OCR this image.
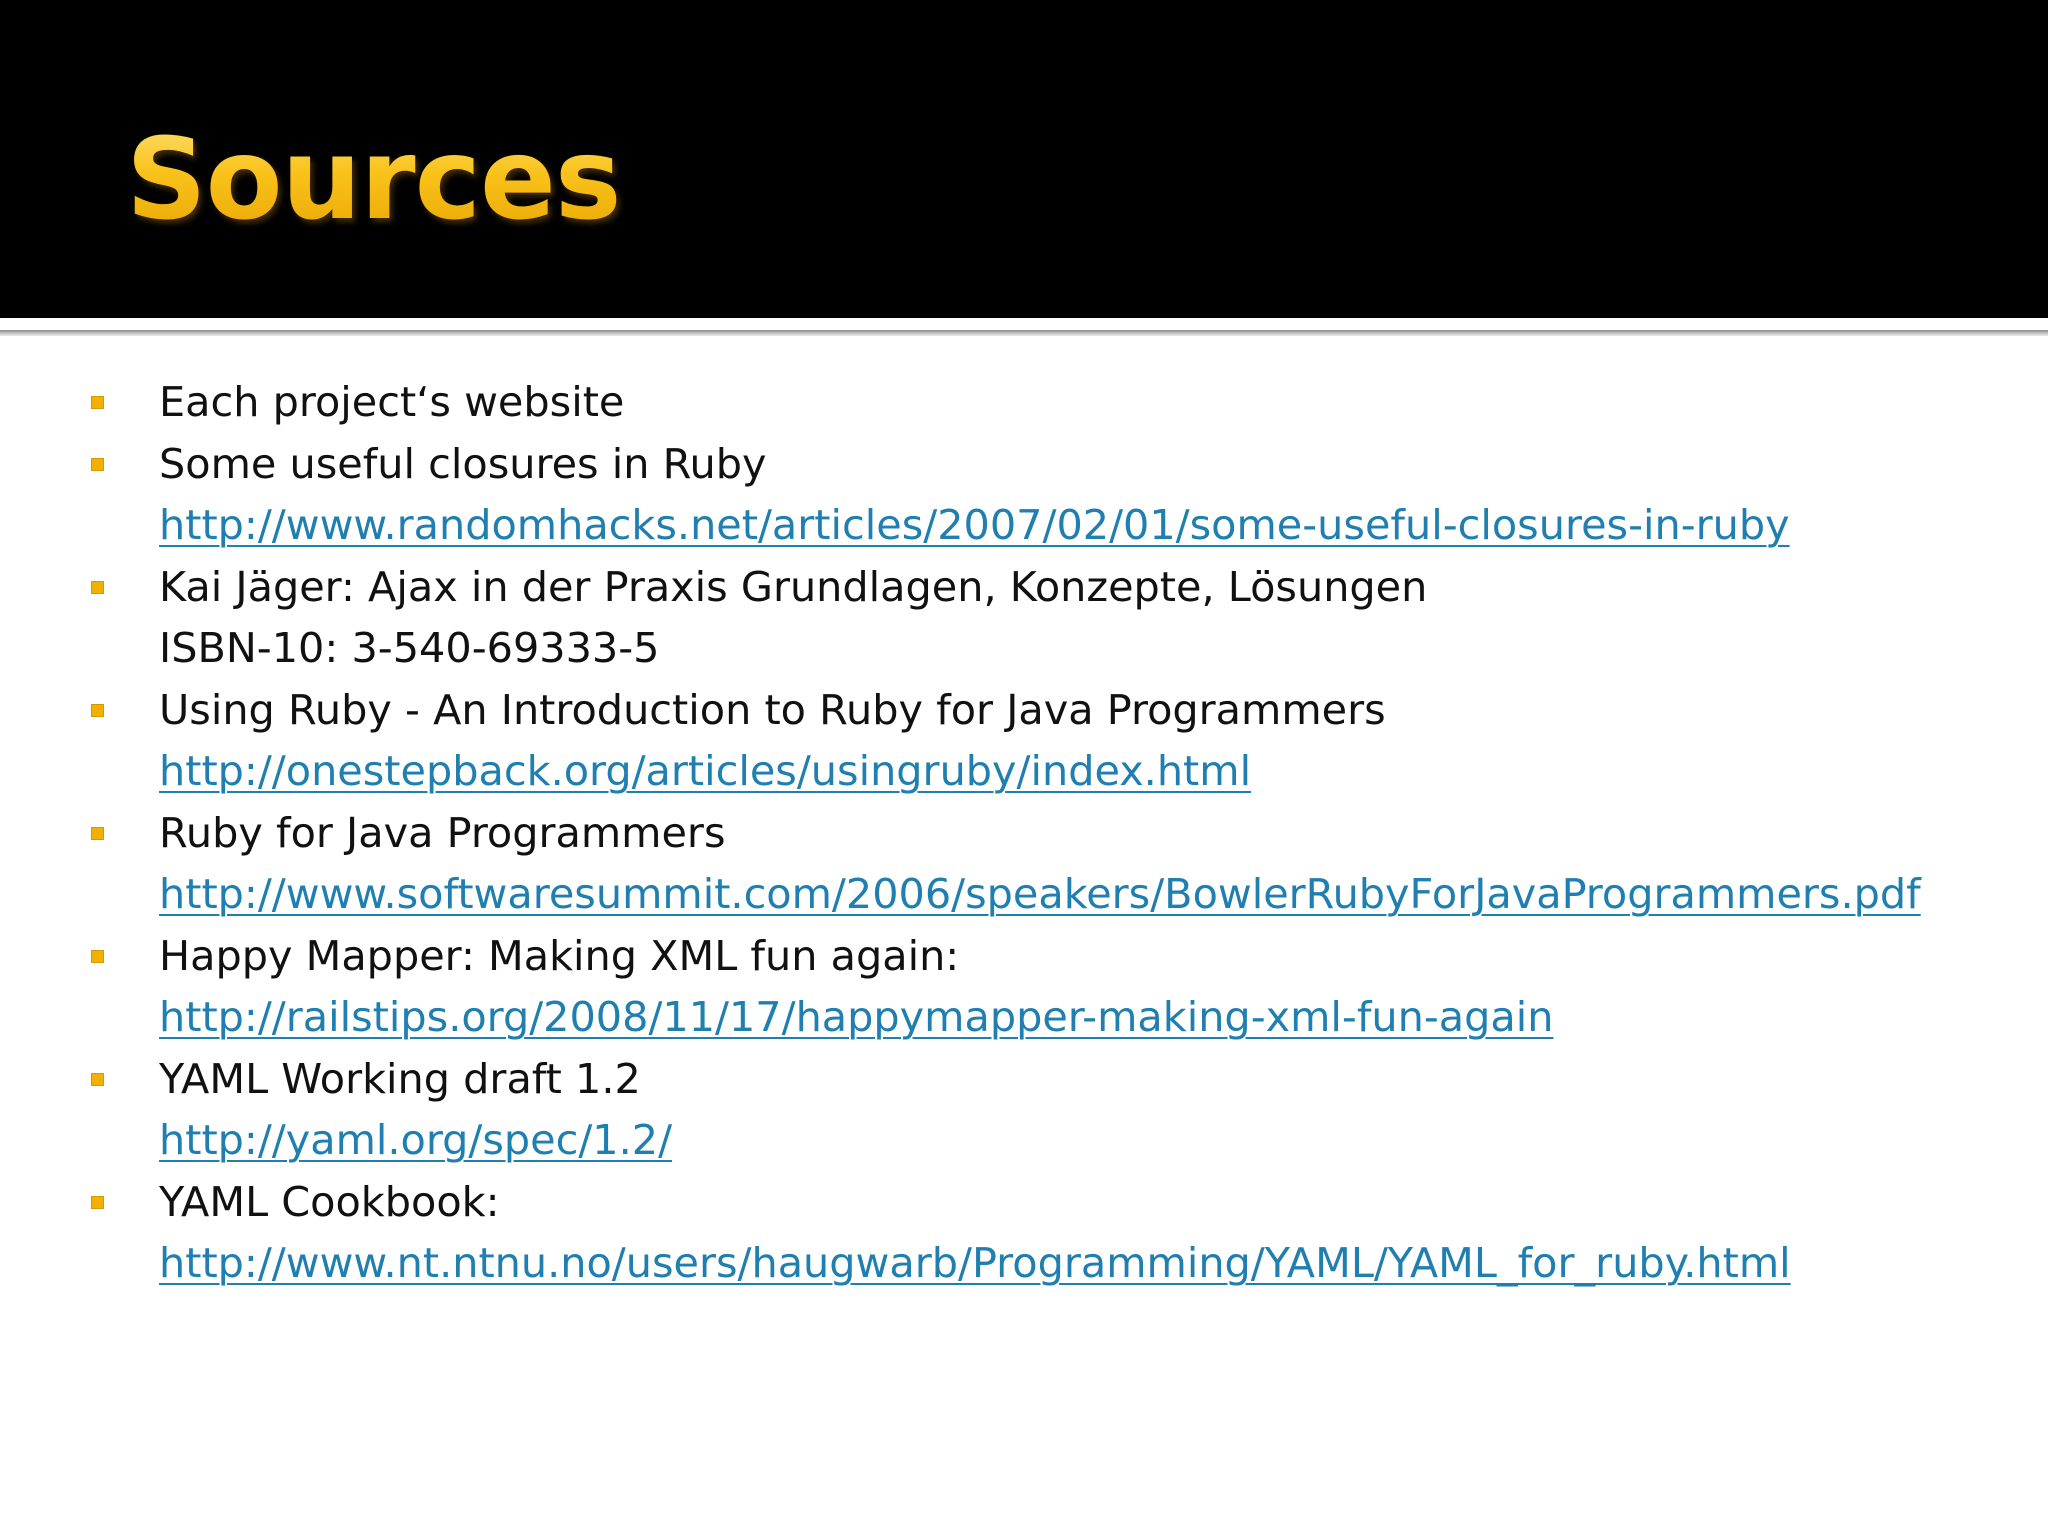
Sources
Each project‘s website
Some useful closures in Ruby
http://www.randomhacks.net/articles/2007/02/01/some-useful-closures-in-ruby
Kai Jäger: Ajax in der Praxis Grundlagen, Konzepte, Lösungen
ISBN-10: 3-540-69333-5
Using Ruby - An Introduction to Ruby for Java Programmers
http://onestepback.org/articles/usingruby/index.html
Ruby for Java Programmers
http://www.softwaresummit.com/2006/speakers/BowlerRubyForJavaProgrammers.pdf
Happy Mapper: Making XML fun again:
http://railstips.org/2008/11/17/happymapper-making-xml-fun-again
YAML Working draft 1.2
http://yaml.org/spec/1.2/
YAML Cookbook:
http://www.nt.ntnu.no/users/haugwarb/Programming/YAML/YAML_for_ruby.html
